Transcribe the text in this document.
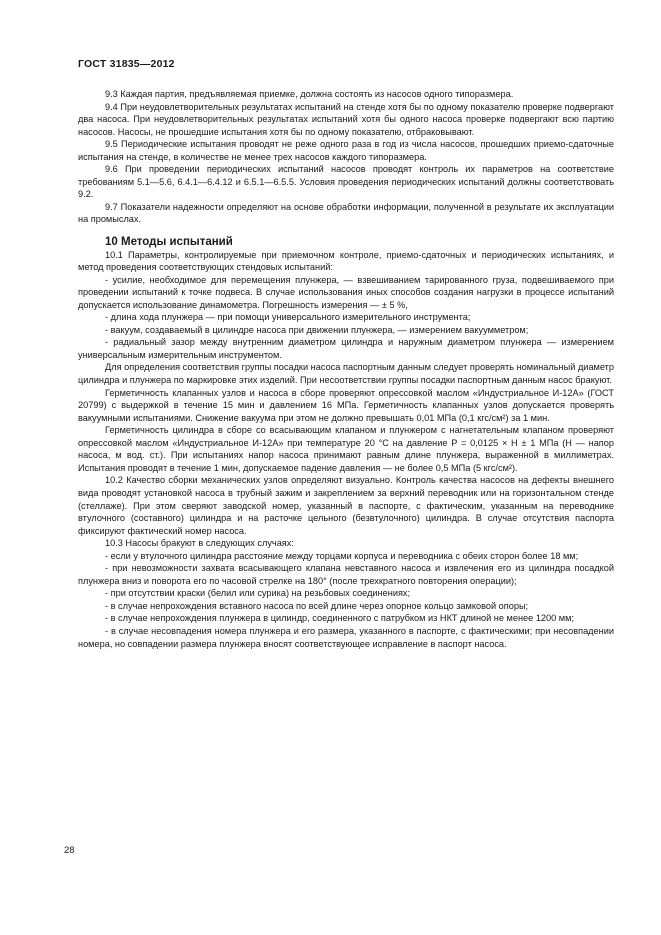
ГОСТ 31835—2012

9.3 Каждая партия, предъявляемая приемке, должна состоять из насосов одного типоразмера.

9.4 При неудовлетворительных результатах испытаний на стенде хотя бы по одному показателю проверке подвергают два насоса. При неудовлетворительных результатах испытаний хотя бы одного насоса проверке подвергают всю партию насосов. Насосы, не прошедшие испытания хотя бы по одному показателю, отбраковывают.

9.5 Периодические испытания проводят не реже одного раза в год из числа насосов, прошедших приемо-сдаточные испытания на стенде, в количестве не менее трех насосов каждого типоразмера.

9.6 При проведении периодических испытаний насосов проводят контроль их параметров на соответствие требованиям 5.1—5.6, 6.4.1—6.4.12 и 6.5.1—6.5.5. Условия проведения периодических испытаний должны соответствовать 9.2.

9.7 Показатели надежности определяют на основе обработки информации, полученной в результате их эксплуатации на промыслах.

10 Методы испытаний

10.1 Параметры, контролируемые при приемочном контроле, приемо-сдаточных и периодических испытаниях, и метод проведения соответствующих стендовых испытаний:

- усилие, необходимое для перемещения плунжера, — взвешиванием тарированного груза, подвешиваемого при проведении испытаний к точке подвеса. В случае использования иных способов создания нагрузки в процессе испытаний допускается использование динамометра. Погрешность измерения — ± 5 %,

- длина хода плунжера — при помощи универсального измерительного инструмента;

- вакуум, создаваемый в цилиндре насоса при движении плунжера, — измерением вакуумметром;

- радиальный зазор между внутренним диаметром цилиндра и наружным диаметром плунжера — измерением универсальным измерительным инструментом.

Для определения соответствия группы посадки насоса паспортным данным следует проверять номинальный диаметр цилиндра и плунжера по маркировке этих изделий. При несоответствии группы посадки паспортным данным насос бракуют.

Герметичность клапанных узлов и насоса в сборе проверяют опрессовкой маслом «Индустриальное И-12А» (ГОСТ 20799) с выдержкой в течение 15 мин и давлением 16 МПа. Герметичность клапанных узлов допускается проверять вакуумными испытаниями. Снижение вакуума при этом не должно превышать 0,01 МПа (0,1 кгс/см²) за 1 мин.

Герметичность цилиндра в сборе со всасывающим клапаном и плунжером с нагнетательным клапаном проверяют опрессовкой маслом «Индустриальное И-12А» при температуре 20 °С на давление P = 0,0125 × H ± 1 МПа (H — напор насоса, м вод. ст.). При испытаниях напор насоса принимают равным длине плунжера, выраженной в миллиметрах. Испытания проводят в течение 1 мин, допускаемое падение давления — не более 0,5 МПа (5 кгс/см²).

10.2 Качество сборки механических узлов определяют визуально. Контроль качества насосов на дефекты внешнего вида проводят установкой насоса в трубный зажим и закреплением за верхний переводник или на горизонтальном стенде (стеллаже). При этом сверяют заводской номер, указанный в паспорте, с фактическим, указанным на переводнике втулочного (составного) цилиндра и на расточке цельного (безвтулочного) цилиндра. В случае отсутствия паспорта фиксируют фактический номер насоса.

10.3 Насосы бракуют в следующих случаях:

- если у втулочного цилиндра расстояние между торцами корпуса и переводника с обеих сторон более 18 мм;

- при невозможности захвата всасывающего клапана невставного насоса и извлечения его из цилиндра посадкой плунжера вниз и поворота его по часовой стрелке на 180° (после трехкратного повторения операции);

- при отсутствии краски (белил или сурика) на резьбовых соединениях;

- в случае непрохождения вставного насоса по всей длине через опорное кольцо замковой опоры;

- в случае непрохождения плунжера в цилиндр, соединенного с патрубком из НКТ длиной не менее 1200 мм;

- в случае несовпадения номера плунжера и его размера, указанного в паспорте, с фактическими; при несовпадении номера, но совпадении размера плунжера вносят соответствующее исправление в паспорт насоса.

28
